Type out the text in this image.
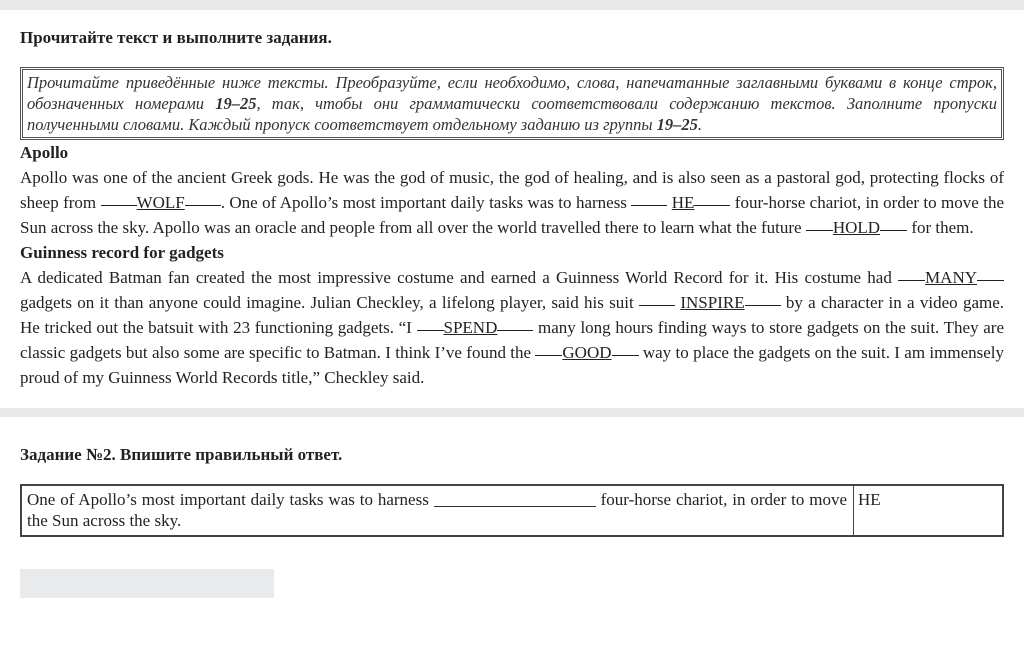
Прочитайте текст и выполните задания.

Прочитайте приведённые ниже тексты. Преобразуйте, если необходимо, слова, напечатанные заглавными буквами в конце строк, обозначенных номерами 19–25, так, чтобы они грамматически соответствовали содержанию текстов. Заполните пропуски полученными словами. Каждый пропуск соответствует отдельному заданию из группы 19–25.

Apollo

Apollo was one of the ancient Greek gods. He was the god of music, the god of healing, and is also seen as a pastoral god, protecting flocks of sheep from WOLF . One of Apollo’s most important daily tasks was to harness  HE four-horse chariot, in order to move the Sun across the sky. Apollo was an oracle and people from all over the world travelled there to learn what the future HOLD for them.

Guinness record for gadgets

A dedicated Batman fan created the most impressive costume and earned a Guinness World Record for it. His costume had MANY gadgets on it than anyone could imagine. Julian Checkley, a lifelong player, said his suit  INSPIRE by a character in a video game. He tricked out the batsuit with 23 functioning gadgets. “I SPEND many long hours finding ways to store gadgets on the suit. They are classic gadgets but also some are specific to Batman. I think I’ve found the GOOD way to place the gadgets on the suit. I am immensely proud of my Guinness World Records title,” Checkley said.

Задание №2. Впишите правильный ответ.

One of Apollo’s most important daily tasks was to harness	four-horse chariot, in order to move the Sun across the sky.
HE
